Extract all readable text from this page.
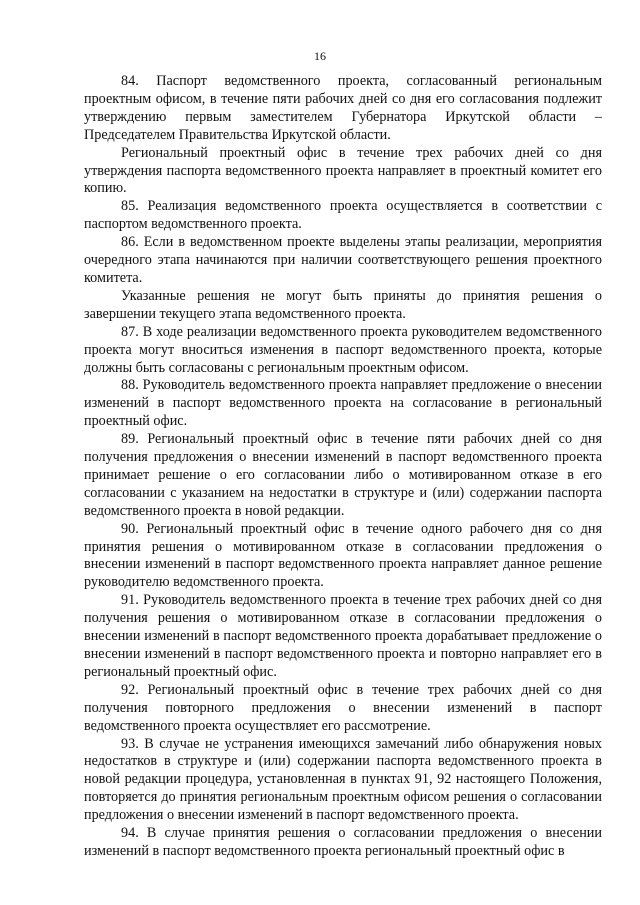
16

84. Паспорт ведомственного проекта, согласованный региональным проектным офисом, в течение пяти рабочих дней со дня его согласования подлежит утверждению первым заместителем Губернатора Иркутской области – Председателем Правительства Иркутской области.

Региональный проектный офис в течение трех рабочих дней со дня утверждения паспорта ведомственного проекта направляет в проектный комитет его копию.

85. Реализация ведомственного проекта осуществляется в соответствии с паспортом ведомственного проекта.

86. Если в ведомственном проекте выделены этапы реализации, мероприятия очередного этапа начинаются при наличии соответствующего решения проектного комитета.

Указанные решения не могут быть приняты до принятия решения о завершении текущего этапа ведомственного проекта.

87. В ходе реализации ведомственного проекта руководителем ведомственного проекта могут вноситься изменения в паспорт ведомственного проекта, которые должны быть согласованы с региональным проектным офисом.

88. Руководитель ведомственного проекта направляет предложение о внесении изменений в паспорт ведомственного проекта на согласование в региональный проектный офис.

89. Региональный проектный офис в течение пяти рабочих дней со дня получения предложения о внесении изменений в паспорт ведомственного проекта принимает решение о его согласовании либо о мотивированном отказе в его согласовании с указанием на недостатки в структуре и (или) содержании паспорта ведомственного проекта в новой редакции.

90. Региональный проектный офис в течение одного рабочего дня со дня принятия решения о мотивированном отказе в согласовании предложения о внесении изменений в паспорт ведомственного проекта направляет данное решение руководителю ведомственного проекта.

91. Руководитель ведомственного проекта в течение трех рабочих дней со дня получения решения о мотивированном отказе в согласовании предложения о внесении изменений в паспорт ведомственного проекта дорабатывает предложение о внесении изменений в паспорт ведомственного проекта и повторно направляет его в региональный проектный офис.

92. Региональный проектный офис в течение трех рабочих дней со дня получения повторного предложения о внесении изменений в паспорт ведомственного проекта осуществляет его рассмотрение.

93. В случае не устранения имеющихся замечаний либо обнаружения новых недостатков в структуре и (или) содержании паспорта ведомственного проекта в новой редакции процедура, установленная в пунктах 91, 92 настоящего Положения, повторяется до принятия региональным проектным офисом решения о согласовании предложения о внесении изменений в паспорт ведомственного проекта.

94. В случае принятия решения о согласовании предложения о внесении изменений в паспорт ведомственного проекта региональный проектный офис в
